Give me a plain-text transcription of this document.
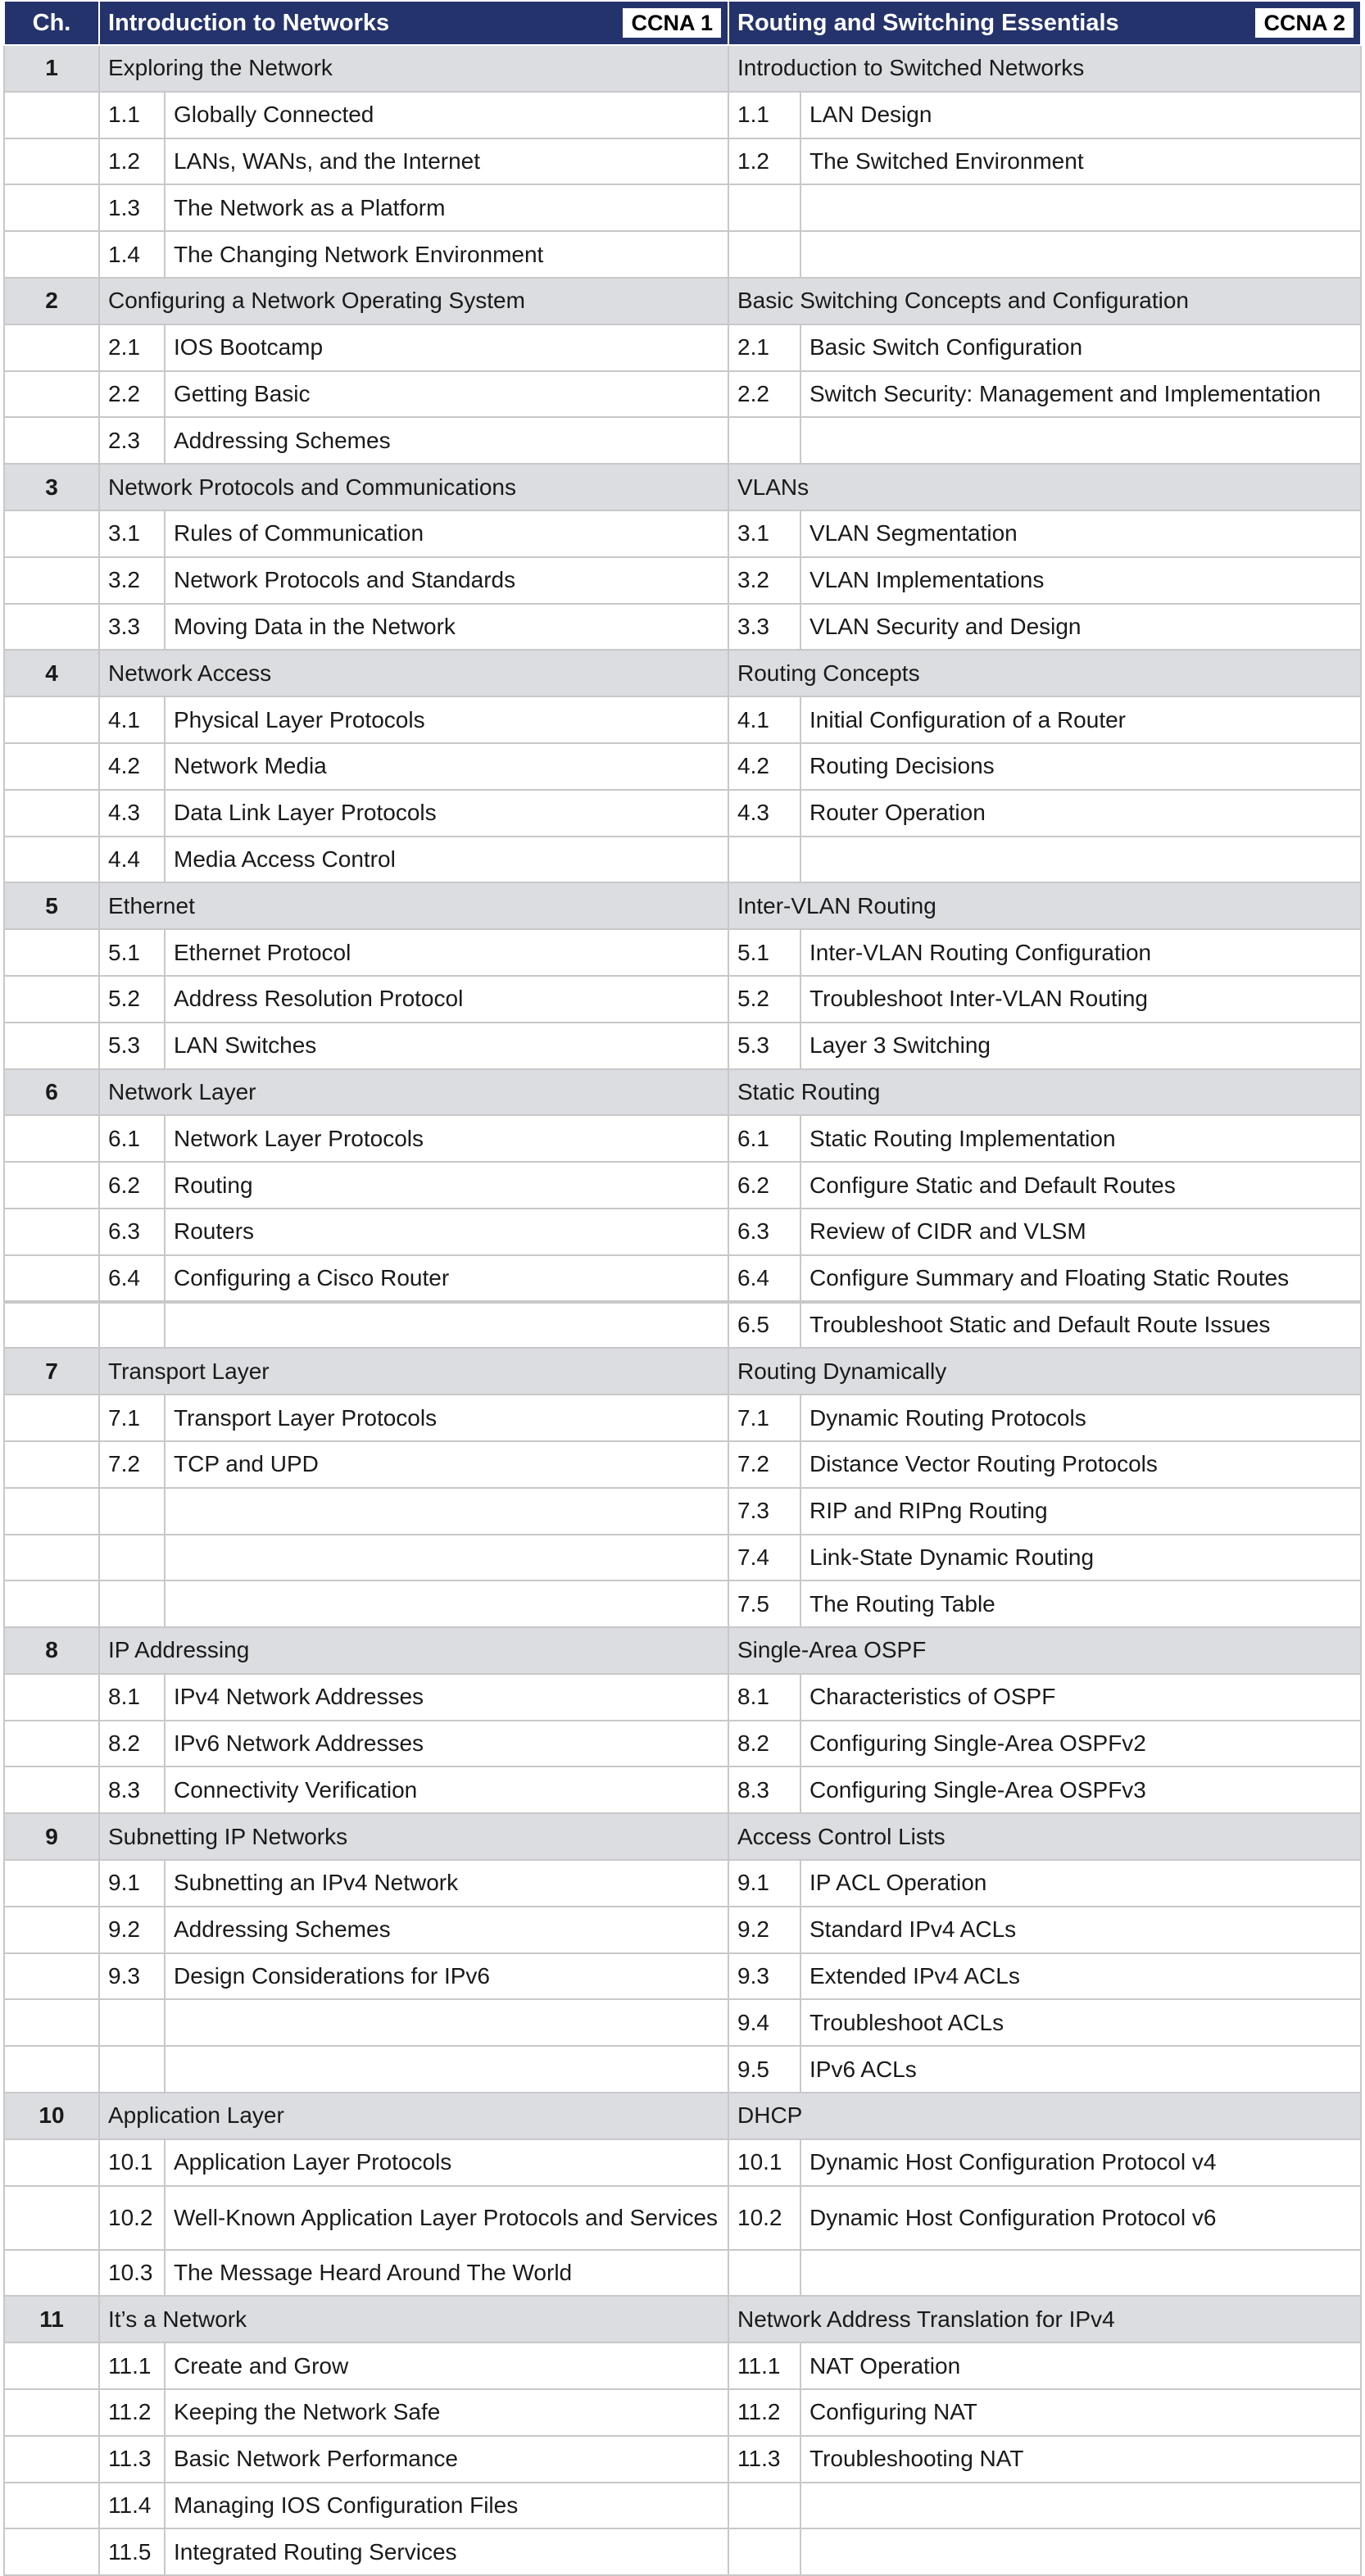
Ch.	Introduction to Networks CCNA 1		Routing and Switching Essentials CCNA 2	

1	Exploring the Network		Introduction to Switched Networks	
	1.1	Globally Connected	1.1	LAN Design
	1.2	LANs, WANs, and the Internet	1.2	The Switched Environment
	1.3	The Network as a Platform		
	1.4	The Changing Network Environment		
2	Configuring a Network Operating System		Basic Switching Concepts and Configuration	
	2.1	IOS Bootcamp	2.1	Basic Switch Configuration
	2.2	Getting Basic	2.2	Switch Security: Management and Implementation
	2.3	Addressing Schemes		
3	Network Protocols and Communications		VLANs	
	3.1	Rules of Communication	3.1	VLAN Segmentation
	3.2	Network Protocols and Standards	3.2	VLAN Implementations
	3.3	Moving Data in the Network	3.3	VLAN Security and Design
4	Network Access		Routing Concepts	
	4.1	Physical Layer Protocols	4.1	Initial Configuration of a Router
	4.2	Network Media	4.2	Routing Decisions
	4.3	Data Link Layer Protocols	4.3	Router Operation
	4.4	Media Access Control		
5	Ethernet		Inter-VLAN Routing	
	5.1	Ethernet Protocol	5.1	Inter-VLAN Routing Configuration
	5.2	Address Resolution Protocol	5.2	Troubleshoot Inter-VLAN Routing
	5.3	LAN Switches	5.3	Layer 3 Switching
6	Network Layer		Static Routing	
	6.1	Network Layer Protocols	6.1	Static Routing Implementation
	6.2	Routing	6.2	Configure Static and Default Routes
	6.3	Routers	6.3	Review of CIDR and VLSM
	6.4	Configuring a Cisco Router	6.4	Configure Summary and Floating Static Routes
			6.5	Troubleshoot Static and Default Route Issues
7	Transport Layer		Routing Dynamically	
	7.1	Transport Layer Protocols	7.1	Dynamic Routing Protocols
	7.2	TCP and UPD	7.2	Distance Vector Routing Protocols
			7.3	RIP and RIPng Routing
			7.4	Link-State Dynamic Routing
			7.5	The Routing Table
8	IP Addressing		Single-Area OSPF	
	8.1	IPv4 Network Addresses	8.1	Characteristics of OSPF
	8.2	IPv6 Network Addresses	8.2	Configuring Single-Area OSPFv2
	8.3	Connectivity Verification	8.3	Configuring Single-Area OSPFv3
9	Subnetting IP Networks		Access Control Lists	
	9.1	Subnetting an IPv4 Network	9.1	IP ACL Operation
	9.2	Addressing Schemes	9.2	Standard IPv4 ACLs
	9.3	Design Considerations for IPv6	9.3	Extended IPv4 ACLs
			9.4	Troubleshoot ACLs
			9.5	IPv6 ACLs
10	Application Layer		DHCP	
	10.1	Application Layer Protocols	10.1	Dynamic Host Configuration Protocol v4
	10.2	Well-Known Application Layer Protocols and Services	10.2	Dynamic Host Configuration Protocol v6
	10.3	The Message Heard Around The World		
11	It’s a Network		Network Address Translation for IPv4	
	11.1	Create and Grow	11.1	NAT Operation
	11.2	Keeping the Network Safe	11.2	Configuring NAT
	11.3	Basic Network Performance	11.3	Troubleshooting NAT
	11.4	Managing IOS Configuration Files		
	11.5	Integrated Routing Services		
